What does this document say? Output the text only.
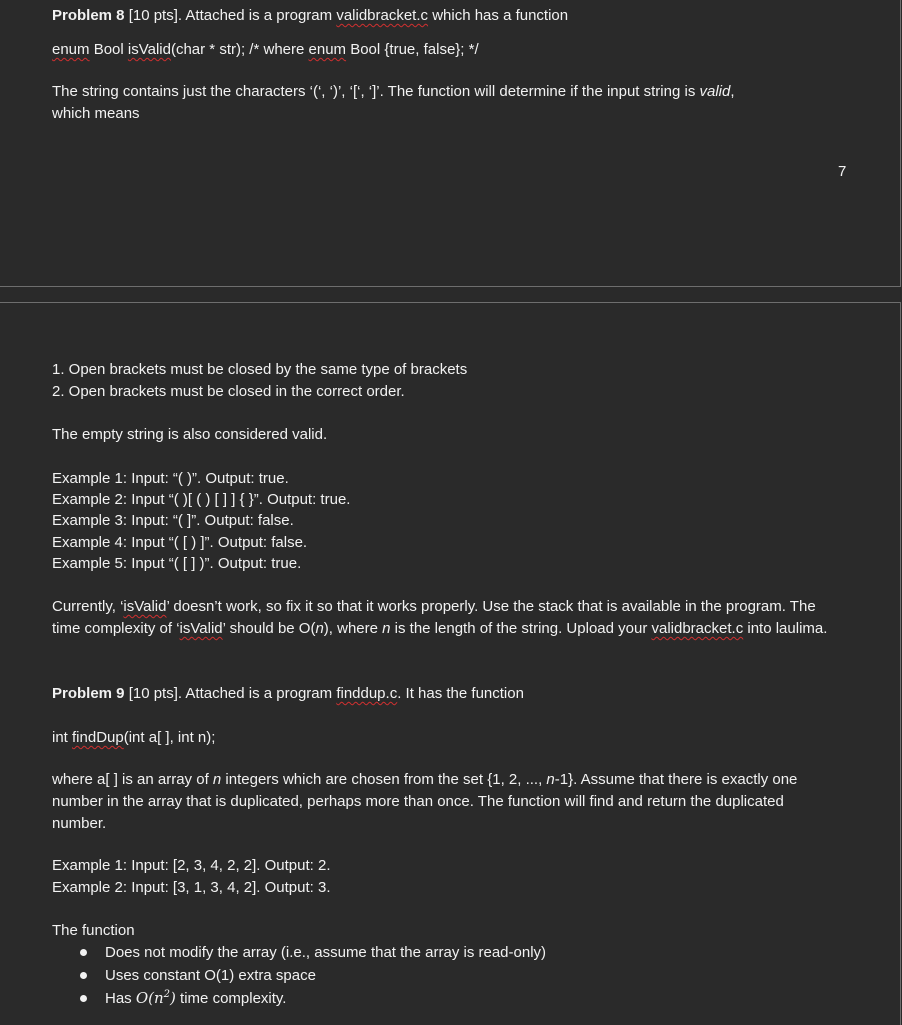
Problem 8 [10 pts]. Attached is a program validbracket.c which has a function
enum Bool isValid(char * str); /* where enum Bool {true, false}; */
The string contains just the characters ‘(‘, ‘)’, ‘[‘, ‘]’. The function will determine if the input string is valid,
which means
7
1. Open brackets must be closed by the same type of brackets
2. Open brackets must be closed in the correct order.
The empty string is also considered valid.
Example 1: Input: “( )”. Output: true.
Example 2: Input “( )[ ( ) [ ] ] { }”. Output: true.
Example 3: Input: “( ]”. Output: false.
Example 4: Input “( [ ) ]”. Output: false.
Example 5: Input “( [ ] )”. Output: true.
Currently, ‘isValid’ doesn’t work, so fix it so that it works properly. Use the stack that is available in the program. The time complexity of ‘isValid’ should be O(n), where n is the length of the string. Upload your validbracket.c into laulima.
Problem 9 [10 pts]. Attached is a program finddup.c. It has the function
int findDup(int a[ ], int n);
where a[ ] is an array of n integers which are chosen from the set {1, 2, ..., n-1}. Assume that there is exactly one number in the array that is duplicated, perhaps more than once. The function will find and return the duplicated number.
Example 1: Input: [2, 3, 4, 2, 2]. Output: 2.
Example 2: Input: [3, 1, 3, 4, 2]. Output: 3.
The function
Does not modify the array (i.e., assume that the array is read-only)
Uses constant O(1) extra space
Has $O(n^2)$ time complexity.
